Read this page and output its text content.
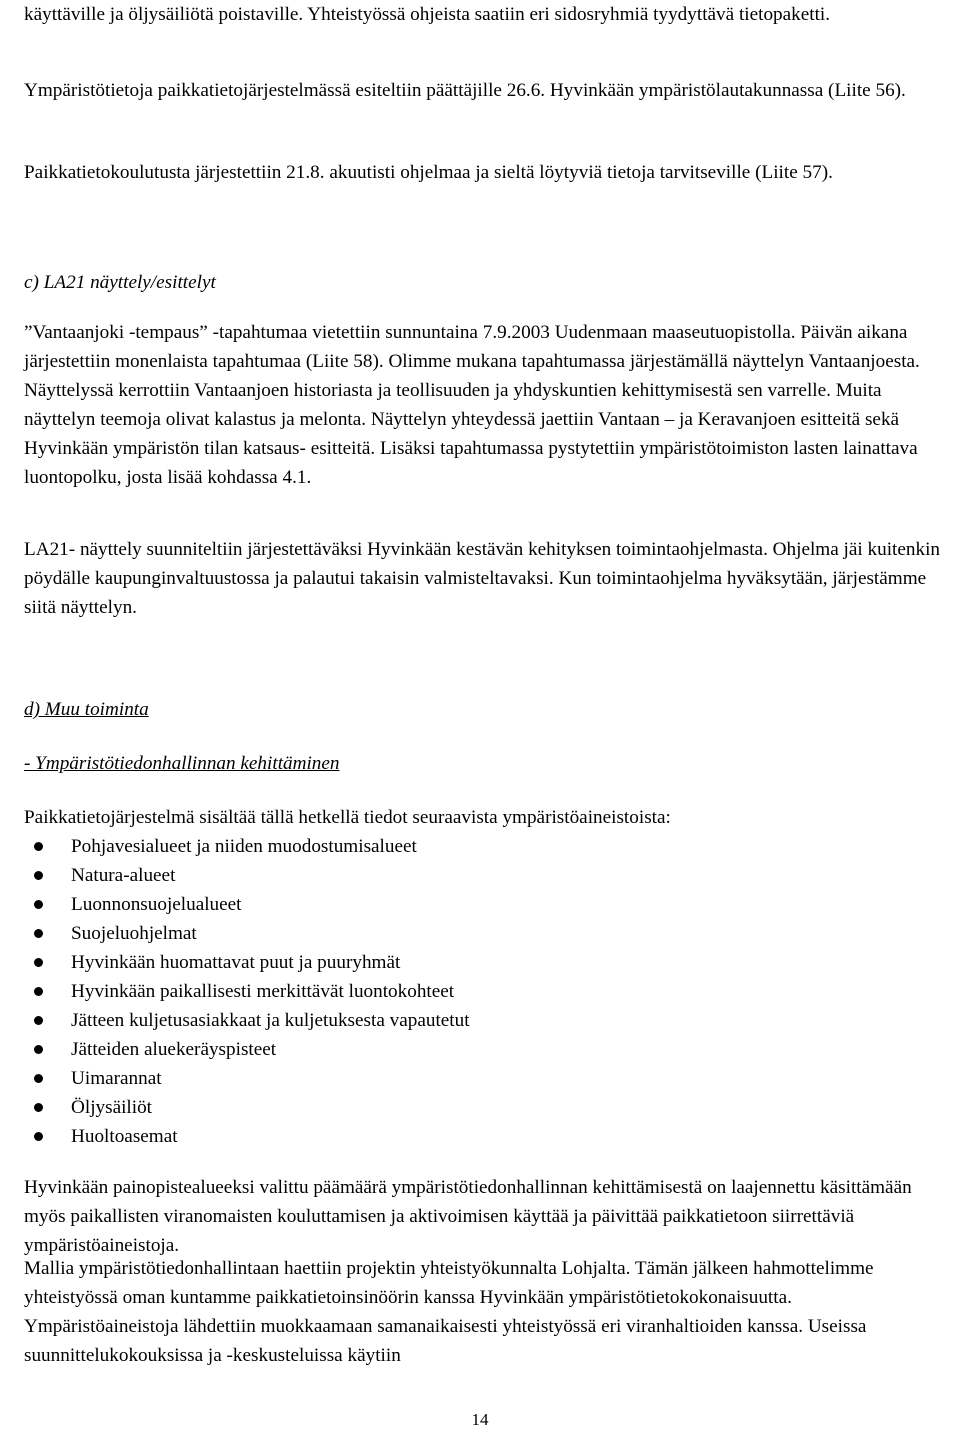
käyttäville ja öljysäiliötä poistaville. Yhteistyössä ohjeista saatiin eri sidosryhmiä tyydyttävä tietopaketti.

Ympäristötietoja paikkatietojärjestelmässä esiteltiin päättäjille 26.6. Hyvinkään ympäristölautakunnassa (Liite 56).

Paikkatietokoulutusta järjestettiin 21.8. akuutisti ohjelmaa ja sieltä löytyviä tietoja tarvitseville (Liite 57).

c) LA21 näyttely/esittelyt

”Vantaanjoki -tempaus” -tapahtumaa vietettiin sunnuntaina 7.9.2003 Uudenmaan maaseutuopistolla. Päivän aikana järjestettiin monenlaista tapahtumaa (Liite 58). Olimme mukana tapahtumassa järjestämällä näyttelyn Vantaanjoesta. Näyttelyssä kerrottiin Vantaanjoen historiasta ja teollisuuden ja yhdyskuntien kehittymisestä sen varrelle. Muita näyttelyn teemoja olivat kalastus ja melonta. Näyttelyn yhteydessä jaettiin Vantaan – ja Keravanjoen esitteitä sekä Hyvinkään ympäristön tilan katsaus- esitteitä. Lisäksi tapahtumassa pystytettiin ympäristötoimiston lasten lainattava luontopolku, josta lisää kohdassa 4.1.

LA21- näyttely suunniteltiin järjestettäväksi Hyvinkään kestävän kehityksen toimintaohjelmasta. Ohjelma jäi kuitenkin pöydälle kaupunginvaltuustossa ja palautui takaisin valmisteltavaksi. Kun toimintaohjelma hyväksytään, järjestämme siitä näyttelyn.

d) Muu toiminta

- Ympäristötiedonhallinnan kehittäminen

Paikkatietojärjestelmä sisältää tällä hetkellä tiedot seuraavista ympäristöaineistoista:

Pohjavesialueet ja niiden muodostumisalueet
Natura-alueet
Luonnonsuojelualueet
Suojeluohjelmat
Hyvinkään huomattavat puut ja puuryhmät
Hyvinkään paikallisesti merkittävät luontokohteet
Jätteen kuljetusasiakkaat ja kuljetuksesta vapautetut
Jätteiden aluekeräyspisteet
Uimarannat
Öljysäiliöt
Huoltoasemat

Hyvinkään painopistealueeksi valittu päämäärä ympäristötiedonhallinnan kehittämisestä on laajennettu käsittämään myös paikallisten viranomaisten kouluttamisen ja aktivoimisen käyttää ja päivittää paikkatietoon siirrettäviä ympäristöaineistoja.

Mallia ympäristötiedonhallintaan haettiin projektin yhteistyökunnalta Lohjalta. Tämän jälkeen hahmottelimme yhteistyössä oman kuntamme paikkatietoinsinöörin kanssa Hyvinkään ympäristötietokokonaisuutta. Ympäristöaineistoja lähdettiin muokkaamaan samanaikaisesti yhteistyössä eri viranhaltioiden kanssa. Useissa suunnittelukokouksissa ja -keskusteluissa käytiin

14
